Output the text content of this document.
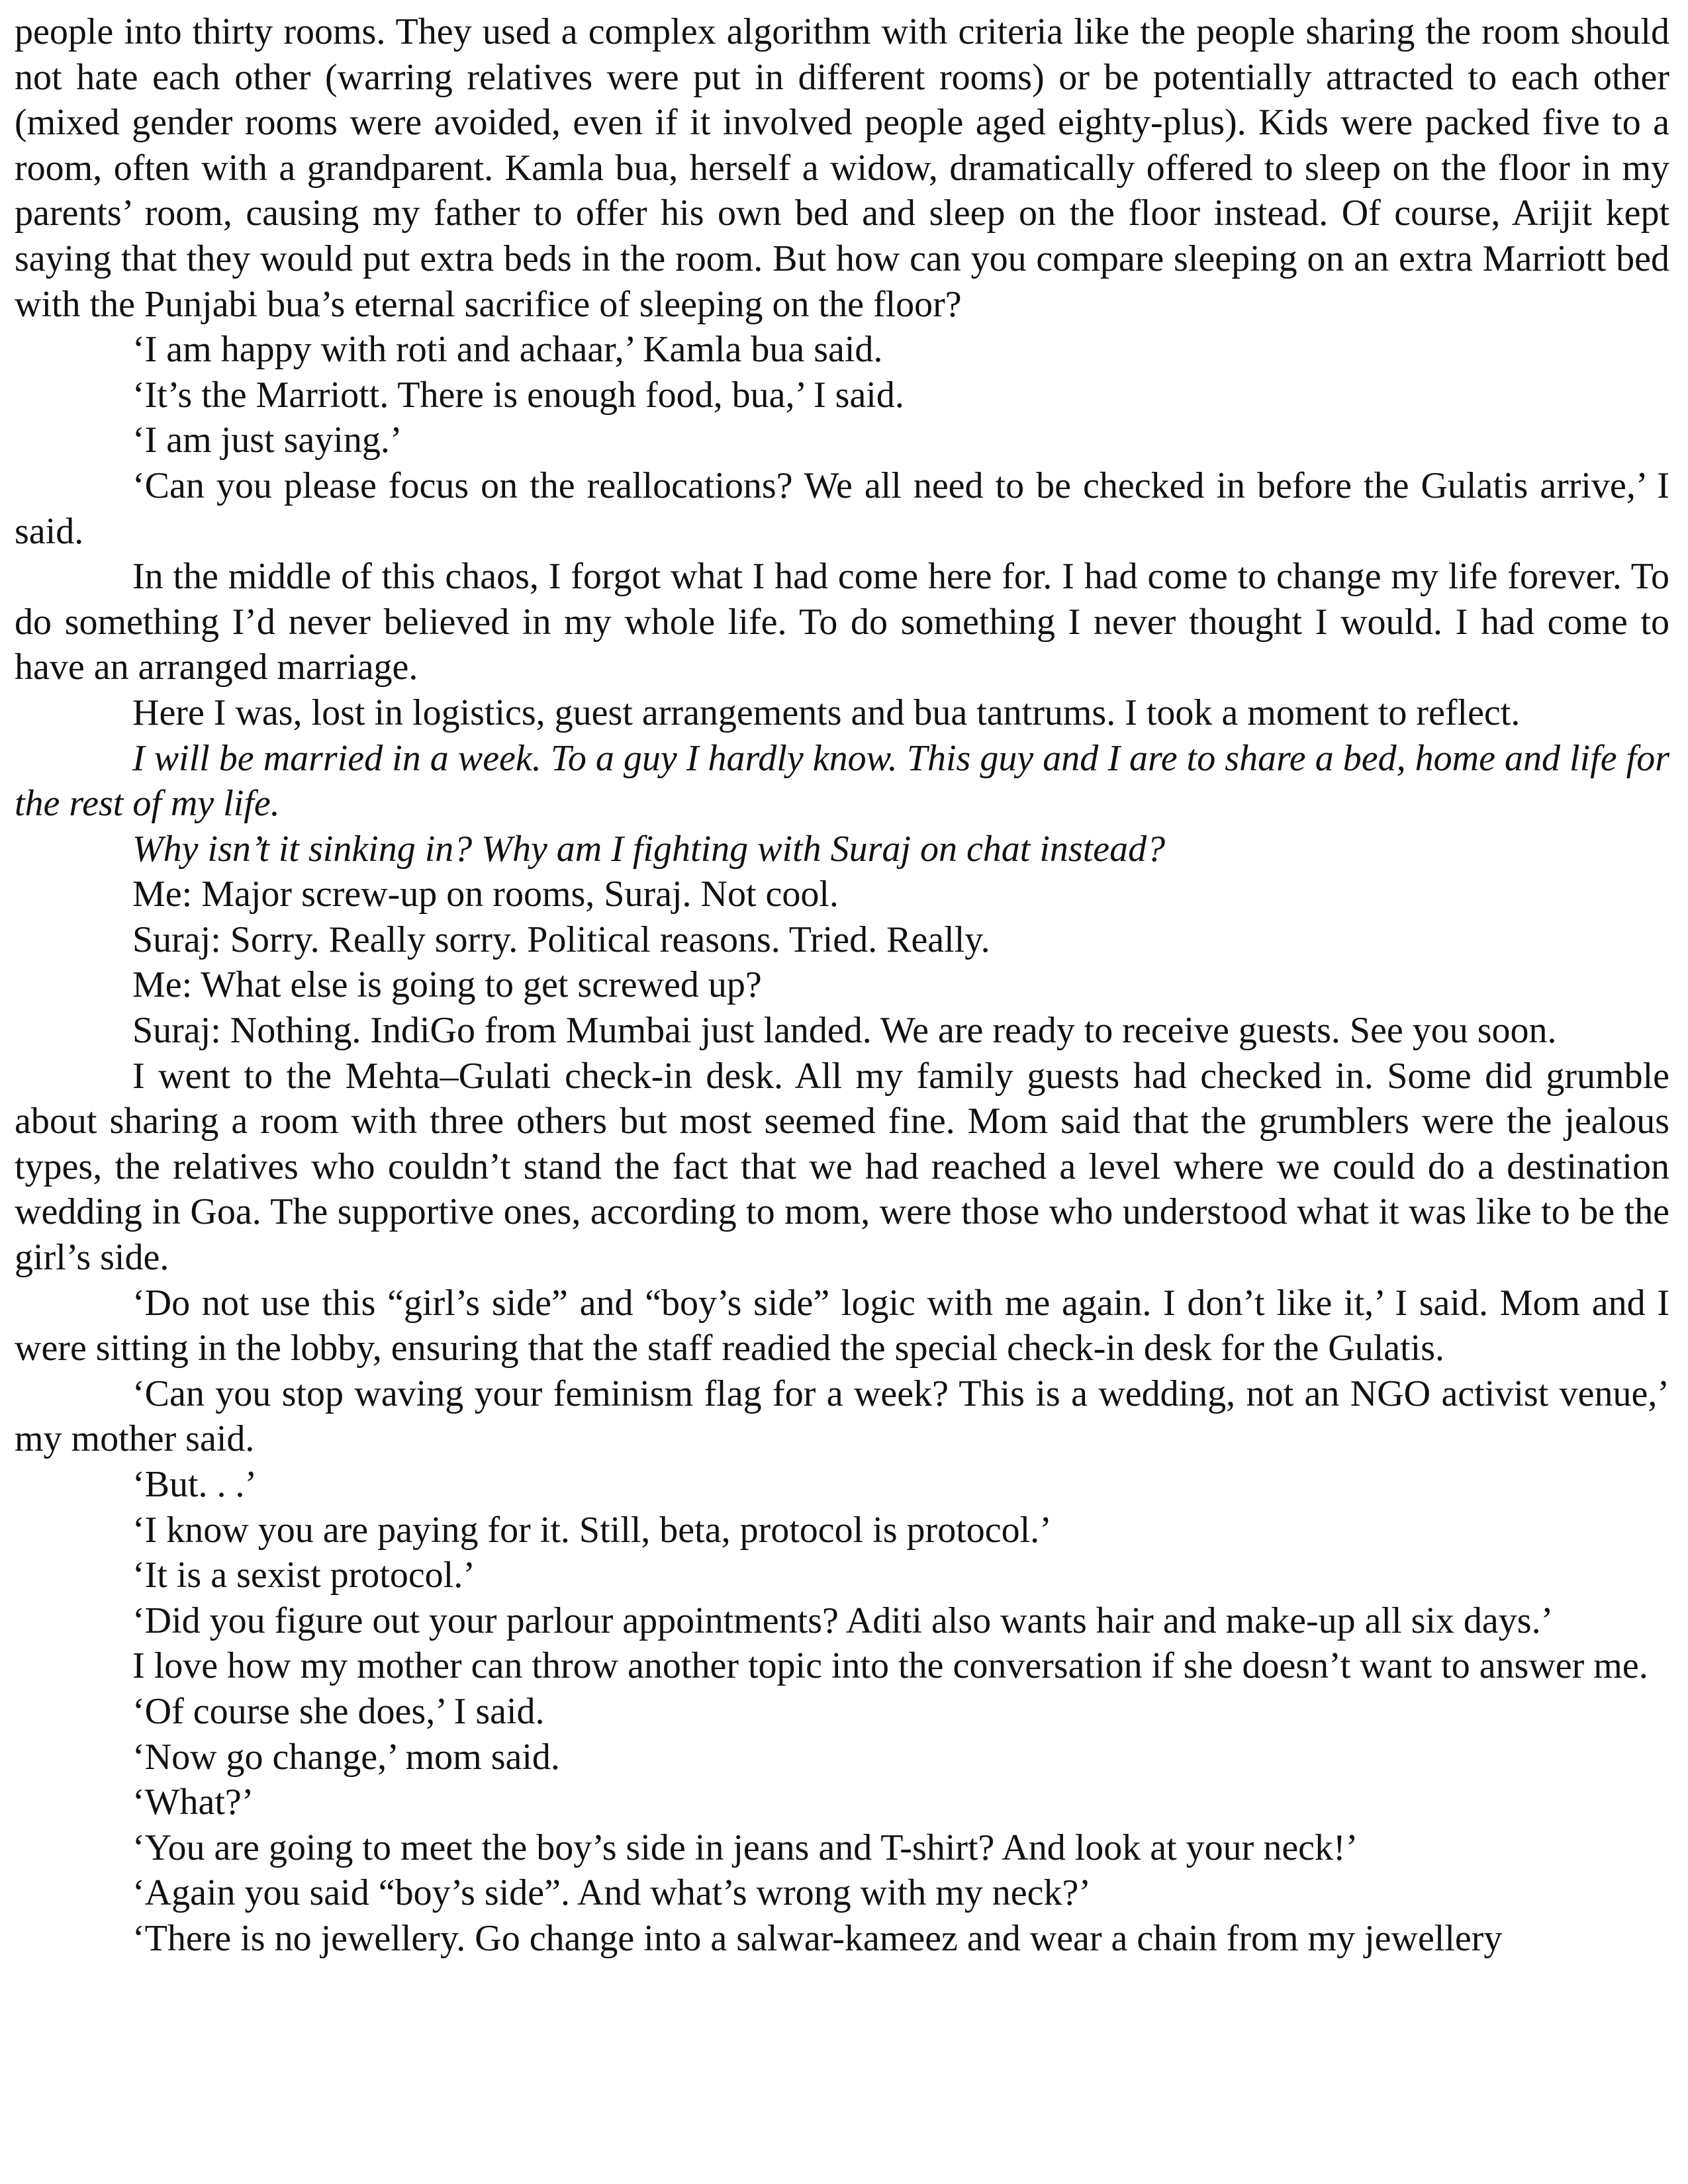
people into thirty rooms. They used a complex algorithm with criteria like the people sharing the room should not hate each other (warring relatives were put in different rooms) or be potentially attracted to each other (mixed gender rooms were avoided, even if it involved people aged eighty-plus). Kids were packed five to a room, often with a grandparent. Kamla bua, herself a widow, dramatically offered to sleep on the floor in my parents’ room, causing my father to offer his own bed and sleep on the floor instead. Of course, Arijit kept saying that they would put extra beds in the room. But how can you compare sleeping on an extra Marriott bed with the Punjabi bua’s eternal sacrifice of sleeping on the floor?

‘I am happy with roti and achaar,’ Kamla bua said.

‘It’s the Marriott. There is enough food, bua,’ I said.

‘I am just saying.’

‘Can you please focus on the reallocations? We all need to be checked in before the Gulatis arrive,’ I said.

In the middle of this chaos, I forgot what I had come here for. I had come to change my life forever. To do something I’d never believed in my whole life. To do something I never thought I would. I had come to have an arranged marriage.

Here I was, lost in logistics, guest arrangements and bua tantrums. I took a moment to reflect.

I will be married in a week. To a guy I hardly know. This guy and I are to share a bed, home and life for the rest of my life.

Why isn’t it sinking in? Why am I fighting with Suraj on chat instead?

Me: Major screw-up on rooms, Suraj. Not cool.

Suraj: Sorry. Really sorry. Political reasons. Tried. Really.

Me: What else is going to get screwed up?

Suraj: Nothing. IndiGo from Mumbai just landed. We are ready to receive guests. See you soon.

I went to the Mehta–Gulati check-in desk. All my family guests had checked in. Some did grumble about sharing a room with three others but most seemed fine. Mom said that the grumblers were the jealous types, the relatives who couldn’t stand the fact that we had reached a level where we could do a destination wedding in Goa. The supportive ones, according to mom, were those who understood what it was like to be the girl’s side.

‘Do not use this “girl’s side” and “boy’s side” logic with me again. I don’t like it,’ I said. Mom and I were sitting in the lobby, ensuring that the staff readied the special check-in desk for the Gulatis.

‘Can you stop waving your feminism flag for a week? This is a wedding, not an NGO activist venue,’ my mother said.

‘But. . .’

‘I know you are paying for it. Still, beta, protocol is protocol.’

‘It is a sexist protocol.’

‘Did you figure out your parlour appointments? Aditi also wants hair and make-up all six days.’

I love how my mother can throw another topic into the conversation if she doesn’t want to answer me.

‘Of course she does,’ I said.

‘Now go change,’ mom said.

‘What?’

‘You are going to meet the boy’s side in jeans and T-shirt? And look at your neck!’

‘Again you said “boy’s side”. And what’s wrong with my neck?’

‘There is no jewellery. Go change into a salwar-kameez and wear a chain from my jewellery
